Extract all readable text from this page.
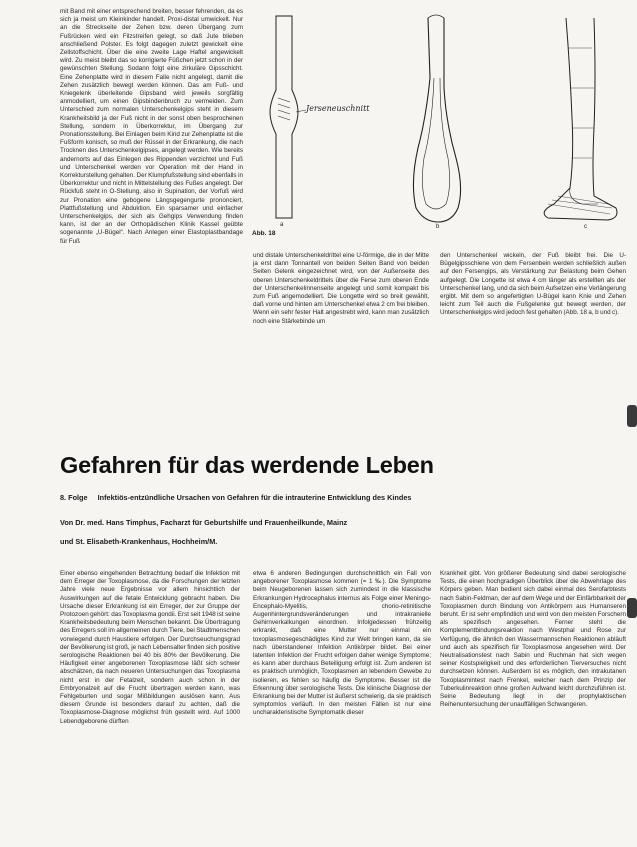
mit Band mit einer entsprechend breiten, besser fehrenden, da es sich ja meist um Kleinkinder handelt. Proxi-distal umwickelt. Nur an die Streckseite der Zehen bzw. deren Übergang zum Fußrücken wird ein Filzstreifen gelegt, so daß Jute blieben anschließend Polster. Es folgt dagegen zuletzt gewickelt eine Zellstoffschicht. Über die eine zweite Lage Haftel angewickelt wird. Zu meist bleibt das so korrigierte Füßchen jetzt schon in der gewünschten Stellung. Sodann folgt eine zirkuläre Gipsschicht. Eine Zehenplatte wird in diesem Falle nicht angelegt, damit die Zehen zusätzlich bewegt werden können. Das am Fuß- und Kniegelenk überleitende Gipsband wird jeweils sorgfältig anmodelliert, um einen Gipsbindenbruch zu vermeiden. Zum Unterschied zum normalen Unterschenkelgips steht in diesem Krankheitsbild ja der Fuß nicht in der sonst oben besprochenen Stellung, sondern in Überkorrektur, im Übergang zur Pronationsstellung. Bei Einlagen beim Kind zur Zehenplatte ist die Fußform konisch, so muß der Rüssel in der Erkrankung, die nach Trocknen des Unterschenkelgipses, angelegt werden. Wie bereits andernorts auf das Einlegen des Rippenden verzichtet und Fuß und Unterschenkel werden vor Operation mit der Hand in Korrekturstellung gehalten. Der Klumpfußstellung sind ebenfalls in Überkorrektur und nicht in Mittelstellung des Fußes angelegt. Der Rückfuß steht in O-Stellung, also in Supination, der Vorfuß wird zur Pronation eine gebogene Längsgegengurte prononciert, Plattfußstellung und Abduktion. Ein sparsamer und einfacher Unterschenkelgips, der sich als Gehgips Verwendung finden kann, ist der an der Orthopädischen Klinik Kassel geübte sogenannte „U-Bügel“. Nach Anlegen einer Elastoplastbandage für Fuß

Jerseneuschnitt
a	b	c
Abb. 18

und distale Unterschenkeldrittel eine U-förmige, die in der Mitte ja erst dann Tonnantell von beiden Seiten Band von beiden Seiten Gelenk eingezeichnet wird, von der Außenseite des oberen Unterschenkeldrittels über die Ferse zum oberen Ende der Unterschenkelinnenseite angelegt und somit kompakt bis zum Fuß angemodelliert. Die Longette wird so breit gewählt, daß vorne und hinten am Unterschenkel etwa 2 cm frei bleiben. Wenn ein sehr fester Halt angestrebt wird, kann man zusätzlich noch eine Stärkebinde um

den Unterschenkel wickeln, der Fuß bleibt frei. Die U-Bügelgipsschiene von dem Fersenbein werden schließlich außen auf den Fersengips, als Verstärkung zur Belastung beim Gehen aufgelegt. Die Longette ist etwa 4 cm länger als erstellten als der Unterschenkel lang, und da sich beim Aufsetzen eine Verlängerung ergibt. Mit dem so angefertigten U-Bügel kann Knie und Zehen leicht zum Teil auch die Fußgelenke gut bewegt werden, der Unterschenkelgips wird jedoch fest gehalten (Abb. 18 a, b und c).

Gefahren für das werdende Leben
8. Folge Infektiös-entzündliche Ursachen von Gefahren für die intrauterine Entwicklung des Kindes
Von Dr. med. Hans Timphus, Facharzt für Geburtshilfe und Frauenheilkunde, Mainz
und St. Elisabeth-Krankenhaus, Hochheim/M.

Einer ebenso eingehenden Betrachtung bedarf die Infektion mit dem Erreger der Toxoplasmose, da die Forschungen der letzten Jahre viele neue Ergebnisse vor allem hinsichtlich der Auswirkungen auf die fetale Entwicklung gebracht haben. Die Ursache dieser Erkrankung ist ein Erreger, der zur Gruppe der Protozoen gehört: das Toxoplasma gondii. Erst seit 1948 ist seine Krankheitsbedeutung beim Menschen bekannt. Die Übertragung des Erregers soll im allgemeinen durch Tiere, bei Stadtmenschen vorwiegend durch Haustiere erfolgen. Der Durchseuchungsgrad der Bevölkerung ist groß, je nach Lebensalter finden sich positive serologische Reaktionen bei 40 bis 80% der Bevölkerung. Die Häufigkeit einer angeborenen Toxoplasmose läßt sich schwer abschätzen, da nach neueren Untersuchungen das Toxoplasma nicht erst in der Fetalzeit, sondern auch schon in der Embryonalzeit auf die Frucht übertragen werden kann, was Fehlgeburten und sogar Mißbildungen auslösen kann. Aus diesem Grunde ist besonders darauf zu achten, daß die Toxoplasmose-Diagnose möglichst früh gestellt wird. Auf 1000 Lebendgeborene dürften

etwa 6 anderen Bedingungen durchschnittlich ein Fall von angeborener Toxoplasmose kommen (= 1 ‰). Die Symptome beim Neugeborenen lassen sich zumindest in die klassische Erkrankungen Hydrocephalus internus als Folge einer Meningo-Encephalo-Myelitis, chorio-retinitische Augenhintergrundsveränderungen und intrakranielle Gehirnverkalkungen einordnen. Infolgedessen frühzeitig erkrankt, daß eine Mutter nur einmal ein toxoplasmosegeschädigtes Kind zur Welt bringen kann, da sie nach überstandener Infektion Antikörper bildet. Bei einer latenten Infektion der Frucht erfolgen daher wenige Symptome; es kann aber durchaus Beteiligung erfolgt ist. Zum anderen ist es praktisch unmöglich, Toxoplasmen an lebendem Gewebe zu isolieren, es fehlen so häufig die Symptome. Besser ist die Erkennung über serologische Tests. Die klinische Diagnose der Erkrankung bei der Mutter ist äußerst schwierig, da sie praktisch symptomlos verläuft. In den meisten Fällen ist nur eine uncharakteristische Symptomatik dieser

Krankheit gibt. Von größerer Bedeutung sind dabei serologische Tests, die einen hochgradigen Überblick über die Abwehrlage des Körpers geben. Man bedient sich dabei einmal des Serofarbtests nach Sabin-Feldman, der auf dem Wege und der Einfärbbarkeit der Toxoplasmen durch Bindung von Antikörpern aus Humanseren beruht. Er ist sehr empfindlich und wird von den meisten Forschern als spezifisch angesehen. Ferner steht die Komplementbindungsreaktion nach Westphal und Rose zur Verfügung, die ähnlich den Wassermannschen Reaktionen abläuft und auch als spezifisch für Toxoplasmose angesehen wird. Der Neutralisationstest nach Sabin und Ruchman hat sich wegen seiner Kostspieligkeit und des erforderlichen Tierversuches nicht durchsetzen können. Außerdem ist es möglich, den intrakutanen Toxoplasmintest nach Frenkel, welcher nach dem Prinzip der Tuberkulinreaktion ohne großen Aufwand leicht durchzuführen ist. Seine Bedeutung liegt in der prophylaktischen Reihenuntersuchung der unauffälligen Schwangeren.
